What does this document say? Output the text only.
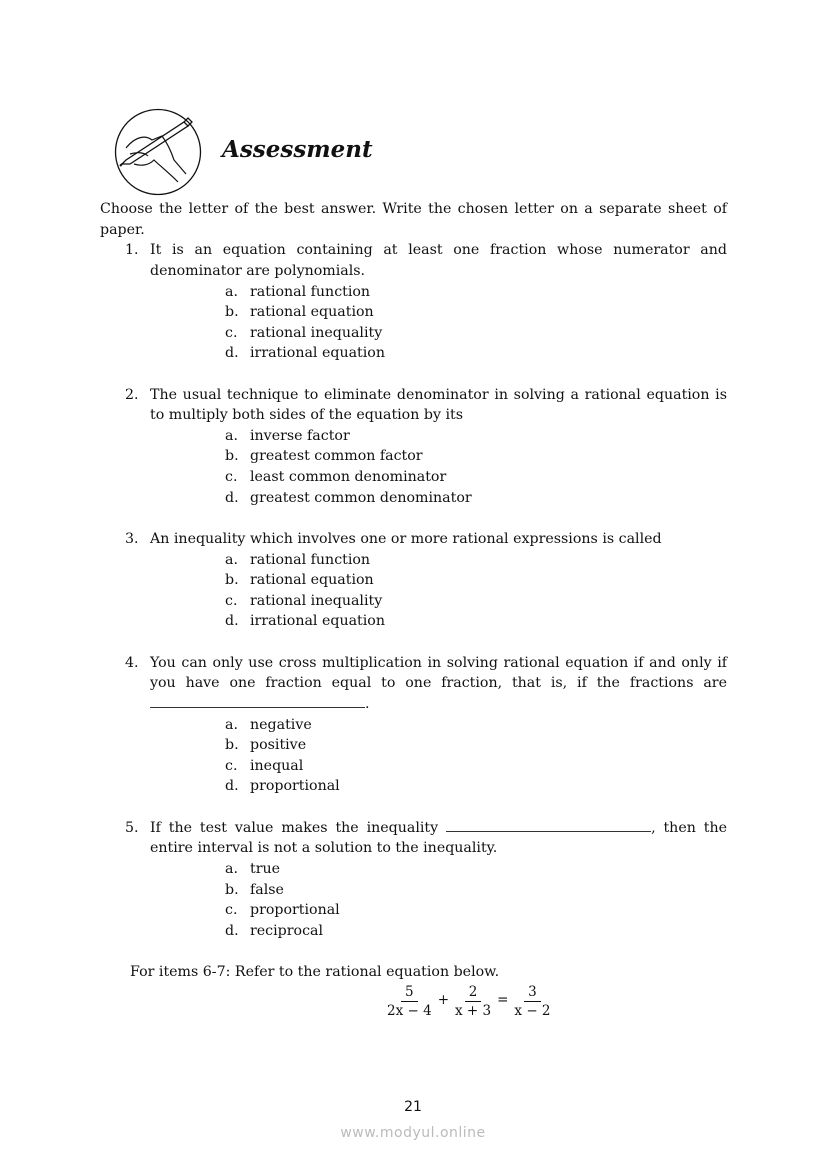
Assessment
Choose the letter of the best answer. Write the chosen letter on a separate sheet of paper.
1. It is an equation containing at least one fraction whose numerator and denominator are polynomials.
a. rational function
b. rational equation
c. rational inequality
d. irrational equation
2. The usual technique to eliminate denominator in solving a rational equation is to multiply both sides of the equation by its
a. inverse factor
b. greatest common factor
c. least common denominator
d. greatest common denominator
3. An inequality which involves one or more rational expressions is called
a. rational function
b. rational equation
c. rational inequality
d. irrational equation
4. You can only use cross multiplication in solving rational equation if and only if you have one fraction equal to one fraction, that is, if the fractions are .
a. negative
b. positive
c. inequal
d. proportional
5. If the test value makes the inequality	, then the entire interval is not a solution to the inequality.
a. true
b. false
c. proportional
d. reciprocal
For items 6-7: Refer to the rational equation below.
$\frac{5}{2x - 4} + \frac{2}{x + 3} = \frac{3}{x - 2}$
21
www.modyul.online
